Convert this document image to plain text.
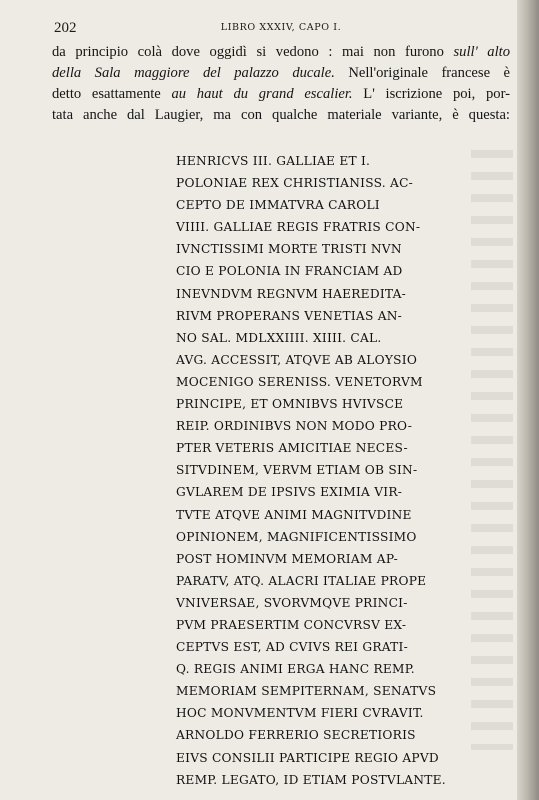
202	LIBRO XXXIV, CAPO I.
da principio colà dove oggidì si vedono : mai non furono sull' alto
della Sala maggiore del palazzo ducale. Nell'originale francese è
detto esattamente au haut du grand escalier. L' iscrizione poi, por-
tata anche dal Laugier, ma con qualche materiale variante, è questa:
HENRICVS III. GALLIAE ET I.
POLONIAE REX CHRISTIANISS. AC-
CEPTO DE IMMATVRA CAROLI
VIIII. GALLIAE REGIS FRATRIS CON-
IVNCTISSIMI MORTE TRISTI NVN
CIO E POLONIA IN FRANCIAM AD
INEVNDVM REGNVM HAEREDITA-
RIVM PROPERANS VENETIAS AN-
NO SAL. MDLXXIIII. XIIII. CAL.
AVG. ACCESSIT, ATQVE AB ALOYSIO
MOCENIGO SERENISS. VENETORVM
PRINCIPE, ET OMNIBVS HVIVSCE
REIP. ORDINIBVS NON MODO PRO-
PTER VETERIS AMICITIAE NECES-
SITVDINEM, VERVM ETIAM OB SIN-
GVLAREM DE IPSIVS EXIMIA VIR-
TVTE ATQVE ANIMI MAGNITVDINE
OPINIONEM, MAGNIFICENTISSIMO
POST HOMINVM MEMORIAM AP-
PARATV, ATQ. ALACRI ITALIAE PROPE
VNIVERSAE, SVORVMQVE PRINCI-
PVM PRAESERTIM CONCVRSV EX-
CEPTVS EST, AD CVIVS REI GRATI-
Q. REGIS ANIMI ERGA HANC REMP.
MEMORIAM SEMPITERNAM, SENATVS
HOC MONVMENTVM FIERI CVRAVIT.
ARNOLDO FERRERIO SECRETIORIS
EIVS CONSILII PARTICIPE REGIO APVD
REMP. LEGATO, ID ETIAM POSTVLANTE.
